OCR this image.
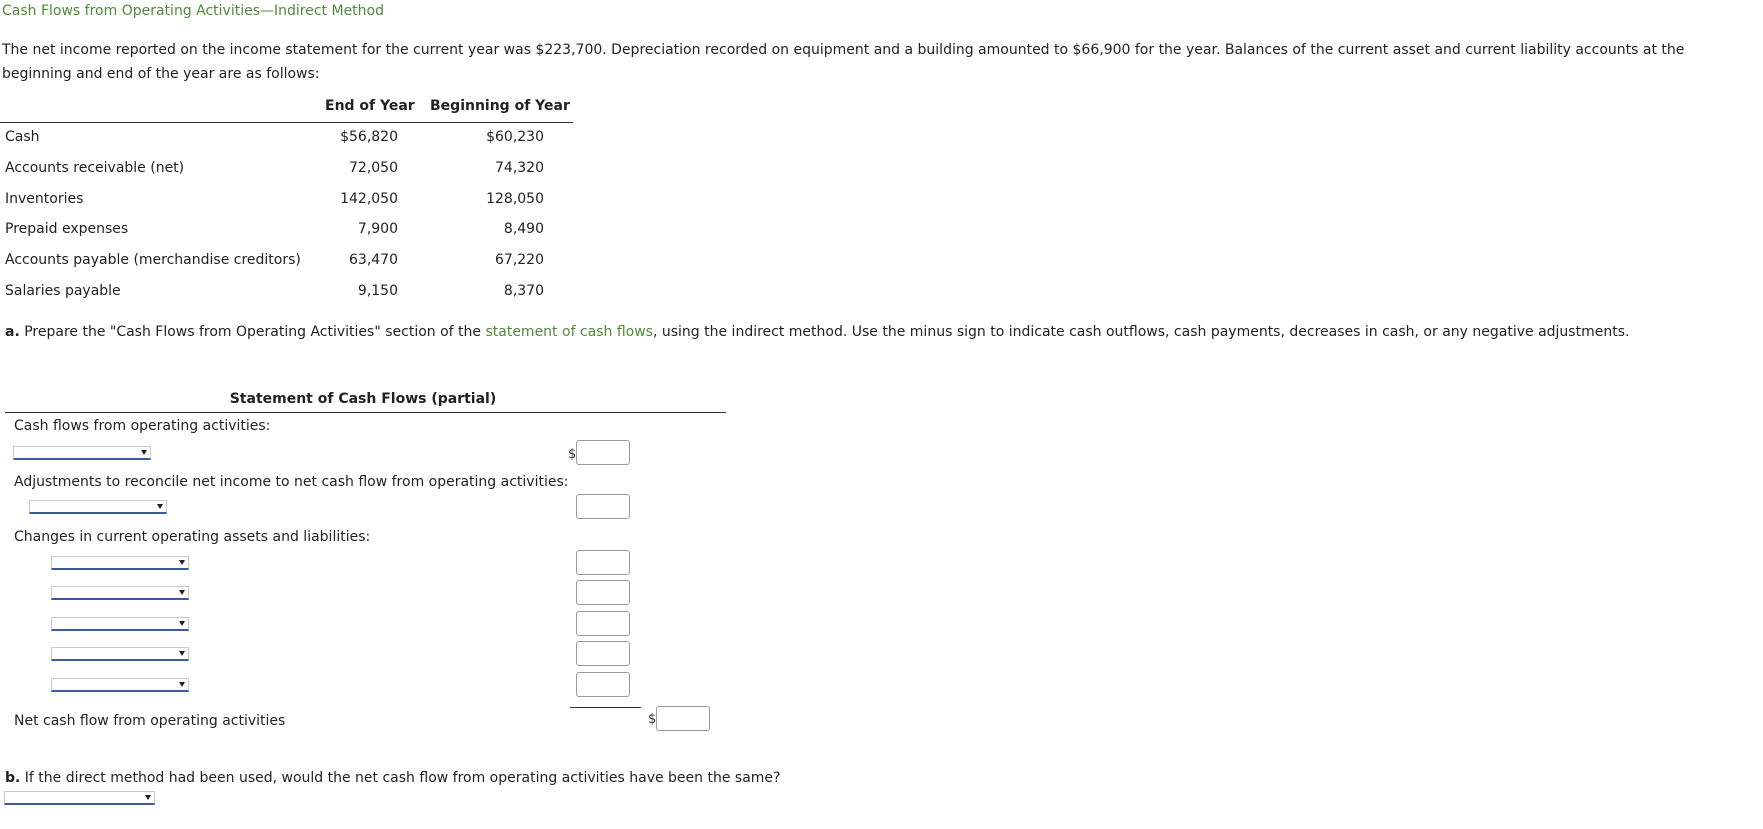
Cash Flows from Operating Activities—Indirect Method
The net income reported on the income statement for the current year was $223,700. Depreciation recorded on equipment and a building amounted to $66,900 for the year. Balances of the current asset and current liability accounts at the beginning and end of the year are as follows:
End of Year Beginning of Year
Cash	$56,820	$60,230
Accounts receivable (net)	72,050	74,320
Inventories	142,050	128,050
Prepaid expenses	7,900	8,490
Accounts payable (merchandise creditors)	63,470	67,220
Salaries payable	9,150	8,370
a. Prepare the "Cash Flows from Operating Activities" section of the statement of cash flows, using the indirect method. Use the minus sign to indicate cash outflows, cash payments, decreases in cash, or any negative adjustments.
Statement of Cash Flows (partial)
Cash flows from operating activities:
$
Adjustments to reconcile net income to net cash flow from operating activities:
Changes in current operating assets and liabilities:
Net cash flow from operating activities	$
b. If the direct method had been used, would the net cash flow from operating activities have been the same?
